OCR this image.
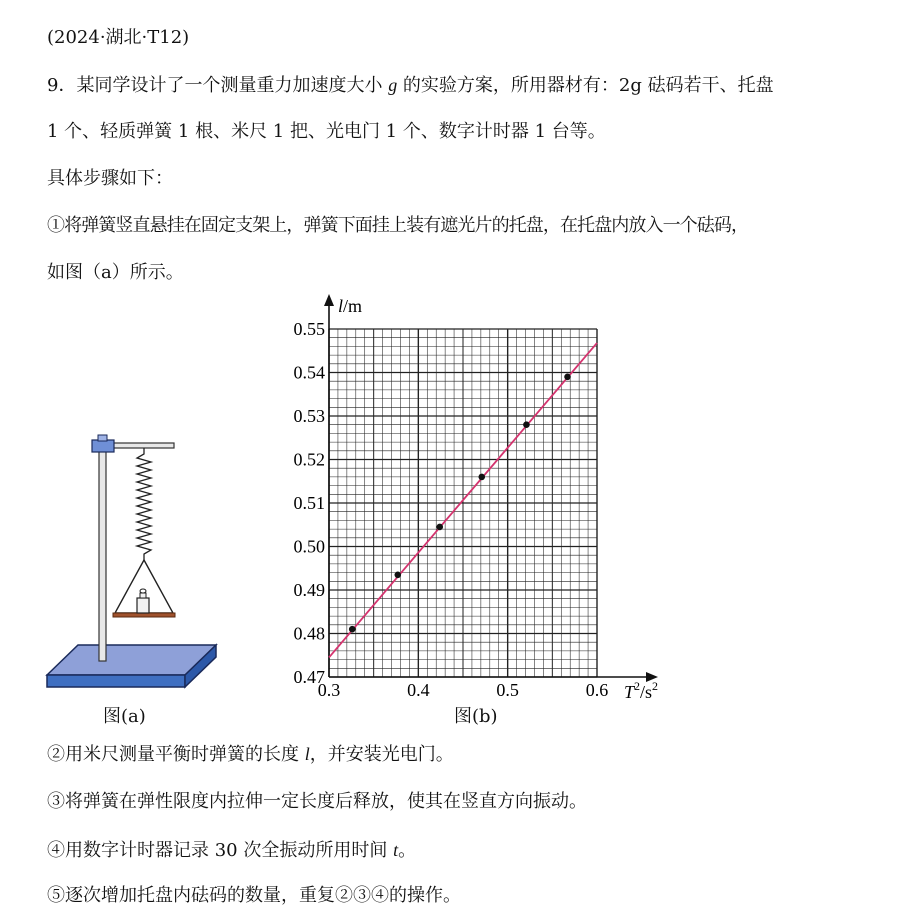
(2024·湖北·T12)
9．某同学设计了一个测量重力加速度大小 g 的实验方案，所用器材有：2g 砝码若干、托盘
1 个、轻质弹簧 1 根、米尺 1 把、光电门 1 个、数字计时器 1 台等。
具体步骤如下：
①将弹簧竖直悬挂在固定支架上，弹簧下面挂上装有遮光片的托盘，在托盘内放入一个砝码，
如图（a）所示。
图(a)
0.47
0.48
0.49
0.50
0.51
0.52
0.53
0.54
0.55
0.3	0.4	0.5	0.6
l/m
$T^2/s^2$
图(b)
②用米尺测量平衡时弹簧的长度 l，并安装光电门。
③将弹簧在弹性限度内拉伸一定长度后释放，使其在竖直方向振动。
④用数字计时器记录 30 次全振动所用时间 t。
⑤逐次增加托盘内砝码的数量，重复②③④的操作。
